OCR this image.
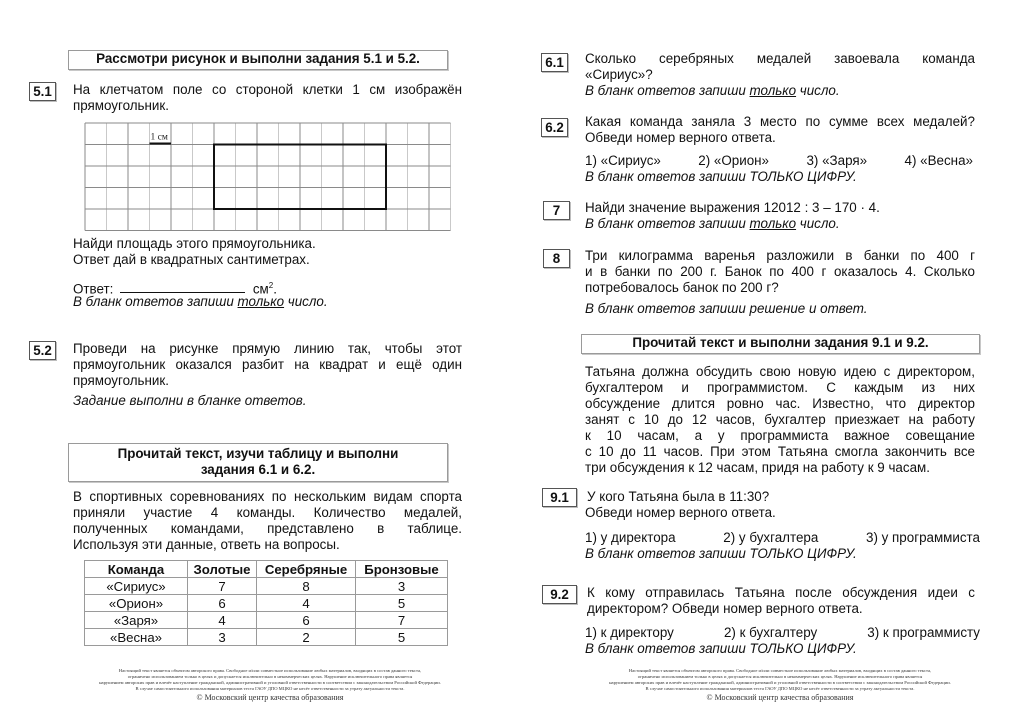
Рассмотри рисунок и выполни задания 5.1 и 5.2.
5.1	На клетчатом поле со стороной клетки 1 см изображён
прямоугольник.
1 см
Найди площадь этого прямоугольника.
Ответ дай в квадратных сантиметрах.
Ответ:	$см^2$.
В бланк ответов запиши только число.
5.2	Проведи на рисунке прямую линию так, чтобы этот
прямоугольник оказался разбит на квадрат и ещё один
прямоугольник.
Задание выполни в бланке ответов.
Прочитай текст, изучи таблицу и выполни
задания 6.1 и 6.2.
В спортивных соревнованиях по нескольким видам спорта
приняли участие 4 команды. Количество медалей,
полученных командами, представлено в таблице.
Используя эти данные, ответь на вопросы.
Команда	Золотые	Серебряные	Бронзовые
«Сириус»	7	8	3
«Орион»	6	4	5
«Заря»	4	6	7
«Весна»	3	2	5
Настоящий текст является объектом авторского права. Свободное и/или совместное использование любых материалов, входящих в состав данного текста,
ограничено использованием только в целях и допускается исключительно в некоммерческих целях. Нарушение исключительного права является
нарушением авторских прав и влечёт наступление гражданской, административной и уголовной ответственности в соответствии с законодательством Российской Федерации.
В случае самостоятельного использования материалов теста ГАОУ ДПО МЦКО не несёт ответственности за утрату актуальности текста.
© Московский центр качества образования
6.1	Сколько серебряных медалей завоевала команда
«Сириус»?
В бланк ответов запиши только число.
6.2	Какая команда заняла 3 место по сумме всех медалей?
Обведи номер верного ответа.
1) «Сириус»	2) «Орион»	3) «Заря»	4) «Весна»
В бланк ответов запиши ТОЛЬКО ЦИФРУ.
7	Найди значение выражения 12012 : 3 – 170 · 4.
В бланк ответов запиши только число.
8	Три килограмма варенья разложили в банки по 400 г
и в банки по 200 г. Банок по 400 г оказалось 4. Сколько
потребовалось банок по 200 г?
В бланк ответов запиши решение и ответ.
Прочитай текст и выполни задания 9.1 и 9.2.
Татьяна должна обсудить свою новую идею с директором,
бухгалтером и программистом. С каждым из них
обсуждение длится ровно час. Известно, что директор
занят с 10 до 12 часов, бухгалтер приезжает на работу
к 10 часам, а у программиста важное совещание
с 10 до 11 часов. При этом Татьяна смогла закончить все
три обсуждения к 12 часам, придя на работу к 9 часам.
9.1	У кого Татьяна была в 11:30?
Обведи номер верного ответа.
1) у директора	2) у бухгалтера	3) у программиста
В бланк ответов запиши ТОЛЬКО ЦИФРУ.
9.2	К кому отправилась Татьяна после обсуждения идеи с
директором? Обведи номер верного ответа.
1) к директору	2) к бухгалтеру	3) к программисту
В бланк ответов запиши ТОЛЬКО ЦИФРУ.
Настоящий текст является объектом авторского права. Свободное и/или совместное использование любых материалов, входящих в состав данного текста,
ограничено использованием только в целях и допускается исключительно в некоммерческих целях. Нарушение исключительного права является
нарушением авторских прав и влечёт наступление гражданской, административной и уголовной ответственности в соответствии с законодательством Российской Федерации.
В случае самостоятельного использования материалов теста ГАОУ ДПО МЦКО не несёт ответственности за утрату актуальности текста.
© Московский центр качества образования
